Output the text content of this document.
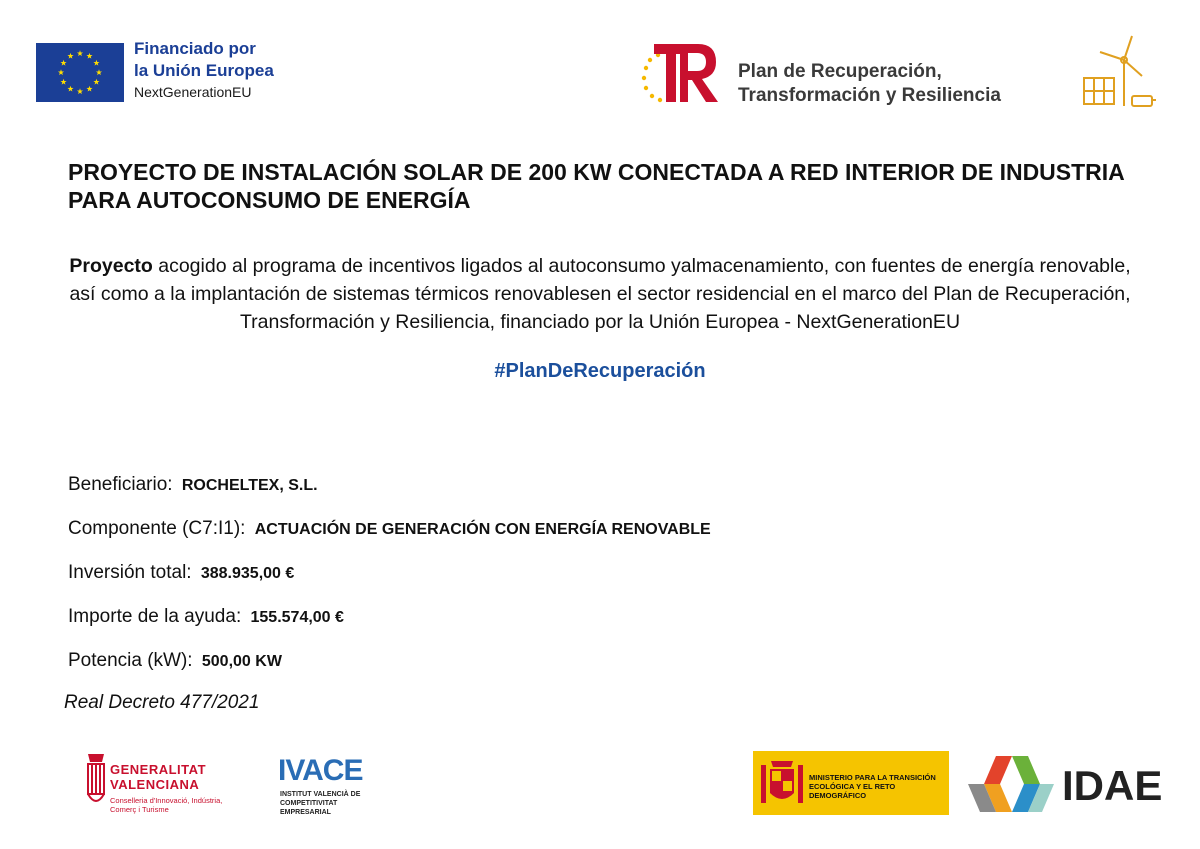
Financiado por
la Unión Europea
NextGenerationEU
Plan de Recuperación,
Transformación y Resiliencia
PROYECTO DE INSTALACIÓN SOLAR DE 200 KW CONECTADA A RED INTERIOR DE INDUSTRIA PARA AUTOCONSUMO DE ENERGÍA
Proyecto acogido al programa de incentivos ligados al autoconsumo yalmacenamiento, con fuentes de energía renovable, así como a la implantación de sistemas térmicos renovablesen el sector residencial en el marco del Plan de Recuperación, Transformación y Resiliencia, financiado por la Unión Europea - NextGenerationEU
#PlanDeRecuperación
Beneficiario: ROCHELTEX, S.L.
Componente (C7:I1): ACTUACIÓN DE GENERACIÓN CON ENERGÍA RENOVABLE
Inversión total: 388.935,00 €
Importe de la ayuda: 155.574,00 €
Potencia (kW): 500,00 KW
Real Decreto 477/2021
GENERALITAT
VALENCIANA
Conselleria d'Innovació, Indústria, Comerç i Turisme
IVACE
INSTITUT VALENCIÀ DE COMPETITIVITAT EMPRESARIAL
MINISTERIO PARA LA TRANSICIÓN ECOLÓGICA Y EL RETO DEMOGRÁFICO	IDAE
